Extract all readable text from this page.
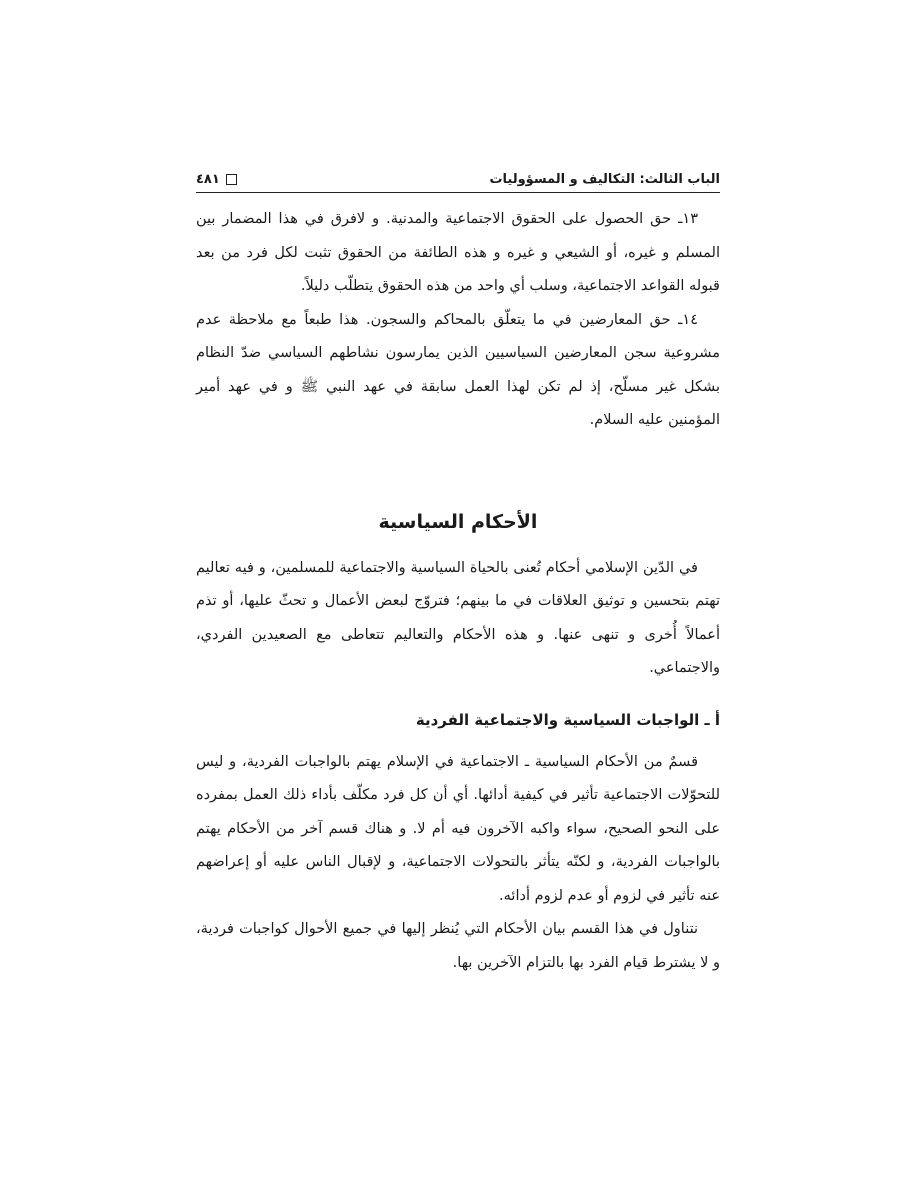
الباب الثالث: التكاليف و المسؤوليات
٤٨١

١٣ـ حق الحصول على الحقوق الاجتماعية والمدنية. و لافرق في هذا المضمار بين المسلم و غيره، أو الشيعي و غيره و هذه الطائفة من الحقوق تثبت لكل فرد من بعد قبوله القواعد الاجتماعية، وسلب أي واحد من هذه الحقوق يتطلّب دليلاً.

١٤ـ حق المعارضين في ما يتعلّق بالمحاكم والسجون. هذا طبعاً مع ملاحظة عدم مشروعية سجن المعارضين السياسيين الذين يمارسون نشاطهم السياسي ضدّ النظام بشكل غير مسلّح، إذ لم تكن لهذا العمل سابقة في عهد النبي ﷺ و في عهد أمير المؤمنين عليه السلام.

الأحكام السياسية

في الدّين الإسلامي أحكام تُعنى بالحياة السياسية والاجتماعية للمسلمين، و فيه تعاليم تهتم بتحسين و توثيق العلاقات في ما بينهم؛ فتروّج لبعض الأعمال و تحثّ عليها، أو تذم أعمالاً أُخرى و تنهى عنها. و هذه الأحكام والتعاليم تتعاطى مع الصعيدين الفردي، والاجتماعي.

أ ـ الواجبات السياسية والاجتماعية الفردية

قسمٌ من الأحكام السياسية ـ الاجتماعية في الإسلام يهتم بالواجبات الفردية، و ليس للتحوّلات الاجتماعية تأثير في كيفية أدائها. أي أن كل فرد مكلّف بأداء ذلك العمل بمفرده على النحو الصحيح، سواء واكبه الآخرون فيه أم لا. و هناك قسم آخر من الأحكام يهتم بالواجبات الفردية، و لكنّه يتأثر بالتحولات الاجتماعية، و لإقبال الناس عليه أو إعراضهم عنه تأثير في لزوم أو عدم لزوم أدائه.

نتناول في هذا القسم بيان الأحكام التي يُنظر إليها في جميع الأحوال كواجبات فردية، و لا يشترط قيام الفرد بها بالتزام الآخرين بها.
